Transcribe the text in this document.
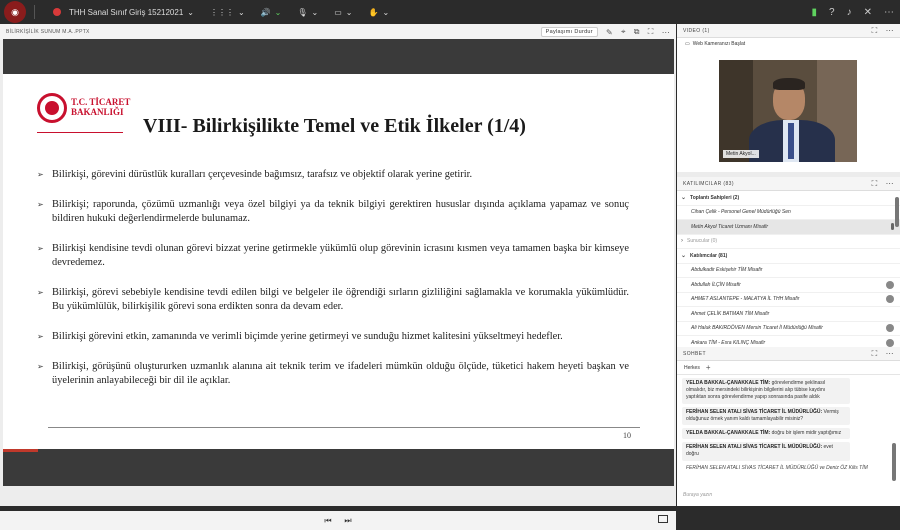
◉	THH Sanal Sınıf Giriş 15212021 ⌄ ⋮⋮⋮ ⌄ 🔊 ⌄ 🎙 ⌄ ▭ ⌄ ✋ ⌄	▮ ? ♪ ✕ ⋯
BİLİRKİŞİLİK SUNUM M.A..PPTX	Paylaşımı Durdur	✎ ⌖ ⧉ ⛶ ⋯
T.C. TİCARET
BAKANLIĞI
VIII- Bilirkişilikte Temel ve Etik İlkeler (1/4)
➢ Bilirkişi, görevini dürüstlük kuralları çerçevesinde bağımsız, tarafsız ve objektif olarak yerine getirir.
➢ Bilirkişi; raporunda, çözümü uzmanlığı veya özel bilgiyi ya da teknik bilgiyi gerektiren hususlar dışında açıklama yapamaz ve sonuç bildiren hukuki değerlendirmelerde bulunamaz.
➢ Bilirkişi kendisine tevdi olunan görevi bizzat yerine getirmekle yükümlü olup görevinin icrasını kısmen veya tamamen başka bir kimseye devredemez.
➢ Bilirkişi, görevi sebebiyle kendisine tevdi edilen bilgi ve belgeler ile öğrendiği sırların gizliliğini sağlamakla ve korumakla yükümlüdür. Bu yükümlülük, bilirkişilik görevi sona erdikten sonra da devam eder.
➢ Bilirkişi görevini etkin, zamanında ve verimli biçimde yerine getirmeyi ve sunduğu hizmet kalitesini yükseltmeyi hedefler.
➢ Bilirkişi, görüşünü oluştururken uzmanlık alanına ait teknik terim ve ifadeleri mümkün olduğu ölçüde, tüketici hakem heyeti başkan ve üyelerinin anlayabileceği bir dil ile açıklar.
10
⏮	⏭
VIDEO (1)	⛶ ⋯
▭ Web Kameranızı Başlat
Metin Akyol...
KATILIMCILAR (83)	⛶ ⋯
⌄ Toplantı Sahipleri (2)
Cihan Çelik - Personel Genel Müdürlüğü Sen
Metin Akyol Ticaret Uzmanı Misafir
› Sunucular (0)
⌄ Katılımcılar (81)
Abdulkadir Eskişehir TİM Misafir
Abdullah İLÇİN Misafir
AHMET ASLANTEPE - MALATYA İL THH Misafir
Ahmet ÇELİK BATMAN TİM Misafir
Ali Haluk BAKIRDÖVEN Mersin Ticaret İl Müdürlüğü Misafir
Ankara TİM - Esra KILINÇ Misafir
SOHBET	⛶ ⋯
Herkes +
YELDA BAKKAL-ÇANAKKALE TİM: görevlendirme şeklinasıl olmalıdır, biz mersindeki bilirkişinin bilgilerini alıp tübise kaydını yaptıktan sonra görevlendirme yapıp sonrasında pasife aldık
FERİHAN SELEN ATALI SİVAS TİCARET İL MÜDÜRLÜĞÜ: Vermiş olduğunuz örnek yanım kaldı tamamlayabilir misiniz?
YELDA BAKKAL-ÇANAKKALE TİM: doğru bir işlem midir yaptığımız
FERİHAN SELEN ATALI SİVAS TİCARET İL MÜDÜRLÜĞÜ: evet doğru
FERİHAN SELEN ATALI SİVAS TİCARET İL MÜDÜRLÜĞÜ ve Deniz ÖZ Kilis TİM
Buraya yazın
